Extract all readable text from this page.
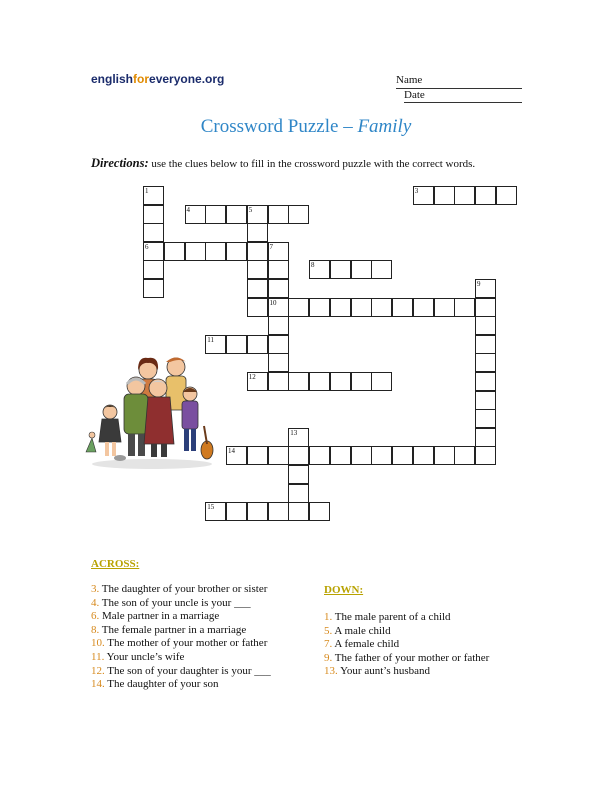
englishforeveryone.org	Name
Date
Crossword Puzzle – Family
Directions: use the clues below to fill in the crossword puzzle with the correct words.
3
4	5
6	7
8
10
11
12
14
15
1
9
13
ACROSS:
3. The daughter of your brother or sister
4. The son of your uncle is your ___
6. Male partner in a marriage
8. The female partner in a marriage
10. The mother of your mother or father
11. Your uncle’s wife
12. The son of your daughter is your ___
14. The daughter of your son
DOWN:
1. The male parent of a child
5. A male child
7. A female child
9. The father of your mother or father
13. Your aunt’s husband
